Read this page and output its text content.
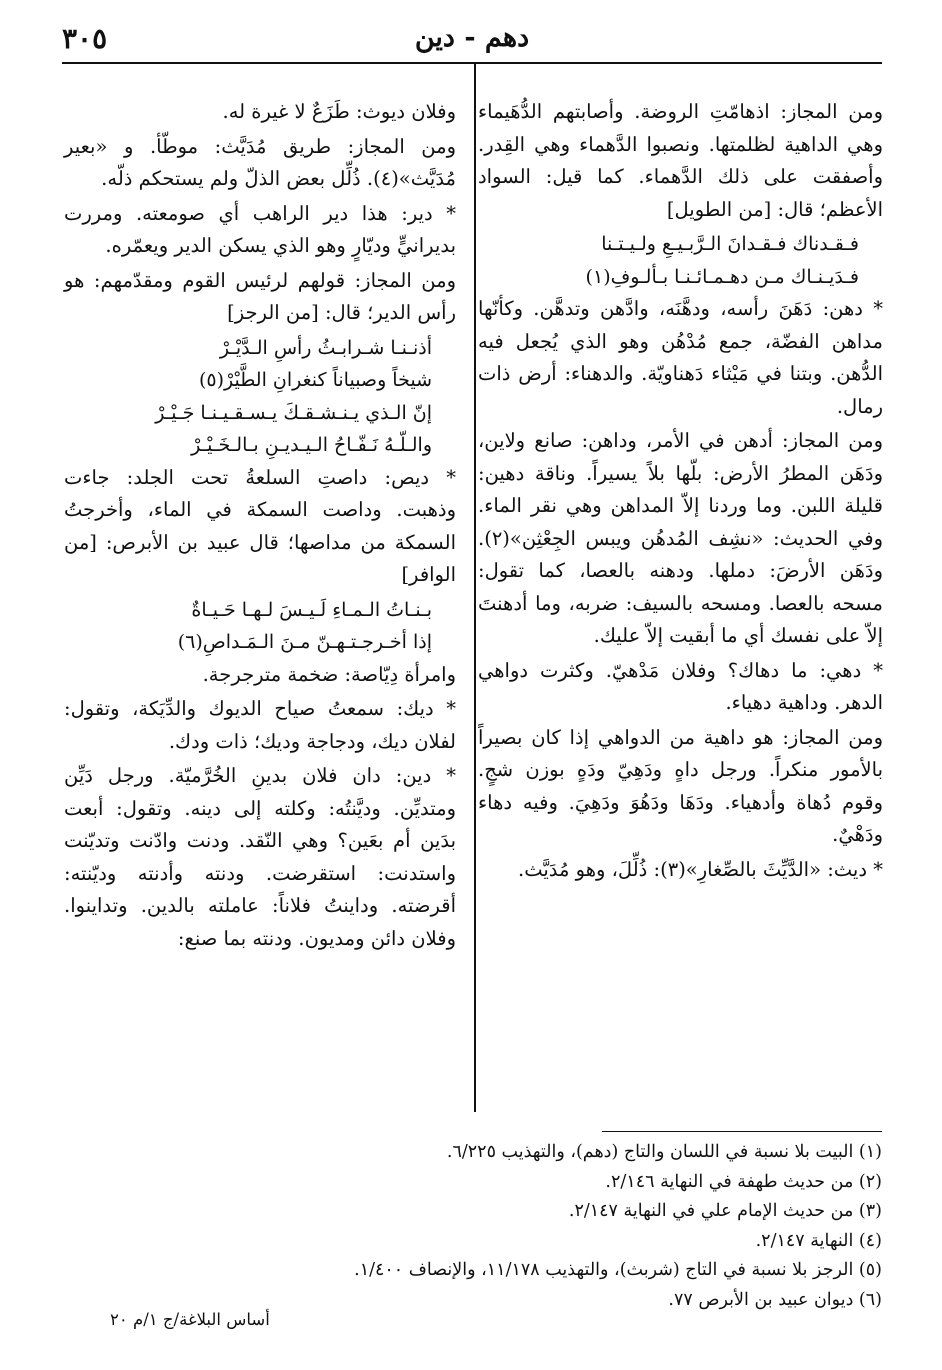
دهم - دين
٣٠٥

ومن المجاز: اذهامّتِ الروضة. وأصابتهم الدُّهَيماء وهي الداهية لظلمتها. ونصبوا الدَّهماء وهي القِدر. وأصفقت على ذلك الدَّهماء. كما قيل: السواد الأعظم؛ قال: [من الطويل]

فـقـدناك فـقـدانَ الـرَّبـيـعِ ولـيـتـنا

فـدَيـنـاك مـن دهـمـائـنـا بـألـوفِ(١)

* دهن: دَهَنَ رأسه، ودهَّنَه، وادَّهن وتدهَّن. وكأنّها مداهن الفضّة، جمع مُدْهُن وهو الذي يُجعل فيه الدُّهن. وبتنا في مَيْثاء دَهناويّة. والدهناء: أرض ذات رمال.

ومن المجاز: أدهن في الأمر، وداهن: صانع ولاين، ودَهَن المطرُ الأرض: بلّها بلاً يسيراً. وناقة دهين: قليلة اللبن. وما وردنا إلاّ المداهن وهي نقر الماء. وفي الحديث: «نشِف المُدهُن ويبس الجِعْثِن»(٢). ودَهَن الأرضَ: دملها. ودهنه بالعصا، كما تقول: مسحه بالعصا. ومسحه بالسيف: ضربه، وما أدهنتَ إلاّ على نفسك أي ما أبقيت إلاّ عليك.

* دهي: ما دهاك؟ وفلان مَدْهيّ. وكثرت دواهي الدهر. وداهية دهياء.

ومن المجاز: هو داهية من الدواهي إذا كان بصيراً بالأمور منكراً. ورجل داهٍ ودَهِيّ ودَهٍ بوزن شجٍ. وقوم دُهاة وأدهياء. ودَهَا ودَهُوَ ودَهِيَ. وفيه دهاء ودَهْيٌ.

* ديث: «الدَّيِّثَ بالصِّغارِ»(٣): ذُلِّلَ، وهو مُدَيَّث.

وفلان ديوث: طَزَعٌ لا غيرة له.

ومن المجاز: طريق مُدَيَّث: موطّأ. و «بعير مُدَيَّث»(٤). ذُلِّل بعض الذلّ ولم يستحكم ذلّه.

* دير: هذا دير الراهب أي صومعته. ومررت بديرانيٍّ وديّارٍ وهو الذي يسكن الدير ويعمّره.

ومن المجاز: قولهم لرئيس القوم ومقدّمهم: هو رأس الدير؛ قال: [من الرجز]

أذنـنـا شـرابـثُ رأسِ الـدَّيْـرْ

شيخاً وصبياناً كنغرانِ الطَّيْرْ(٥)

إنّ الـذي يـنـشـقـكَ يـسـقـيـنـا جَـيْـرْ

والـلّـهُ نَـفّـاحُ الـيـديـنِ بـالـخَـيْـرْ

* ديص: داصتِ السلعةُ تحت الجلد: جاءت وذهبت. وداصت السمكة في الماء، وأخرجتُ السمكة من مداصها؛ قال عبيد بن الأبرص: [من الوافر]

بـنـاتُ الـمـاءِ لَـيـسَ لـهـا حَـيـاةٌ

إذا أخـرجـتـهـنّ مـنَ الـمَـداصِ(٦)

وامرأة دِيّاصة: ضخمة مترجرجة.

* ديك: سمعتُ صياح الديوك والدِّيَكة، وتقول: لفلان ديك، ودجاجة وديك؛ ذات ودك.

* دين: دان فلان بدينِ الخُرَّميّة. ورجل دَيِّن ومتديِّن. وديَّنتُه: وكلته إلى دينه. وتقول: أبعت بدَين أم بعَين؟ وهي النّقد. ودنت وادّنت وتديّنت واستدنت: استقرضت. ودنته وأدنته وديّنته: أقرضته. وداينتُ فلاناً: عاملته بالدين. وتداينوا. وفلان دائن ومديون. ودنته بما صنع:

(١) البيت بلا نسبة في اللسان والتاج (دهم)، والتهذيب ٦/٢٢٥.

(٢) من حديث طهفة في النهاية ٢/١٤٦.

(٣) من حديث الإمام علي في النهاية ٢/١٤٧.

(٤) النهاية ٢/١٤٧.

(٥) الرجز بلا نسبة في التاج (شربث)، والتهذيب ١١/١٧٨، والإنصاف ١/٤٠٠.

(٦) ديوان عبيد بن الأبرص ٧٧.

أساس البلاغة/ج ١/م ٢٠
